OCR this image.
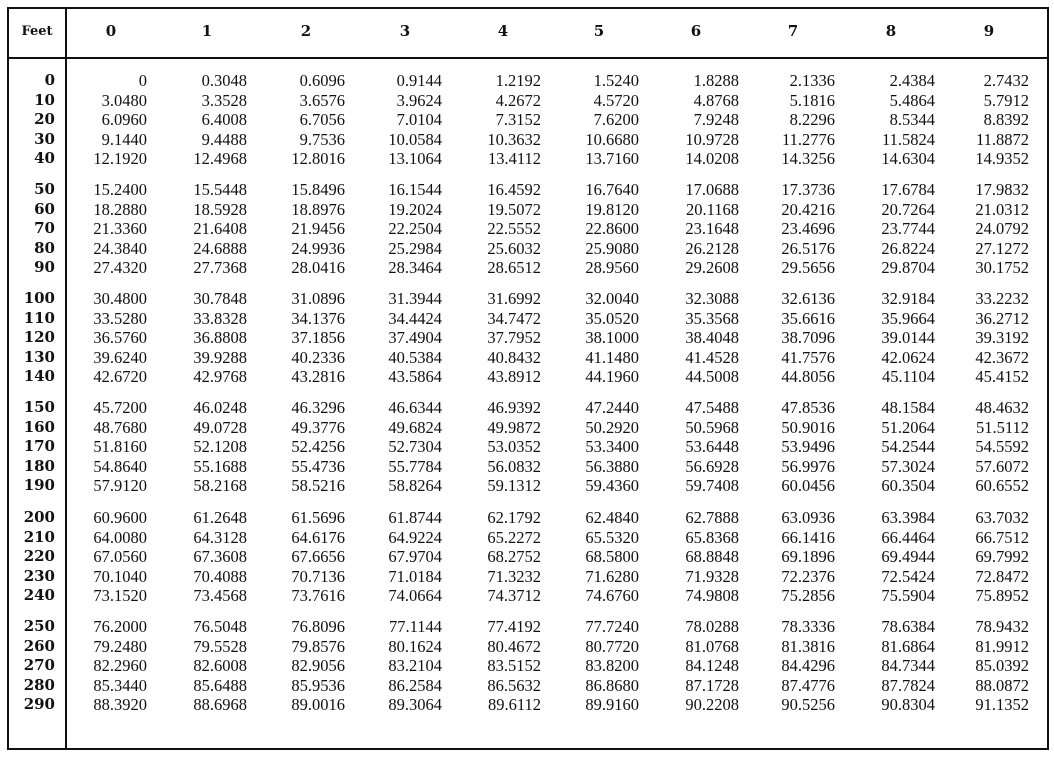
Feet	0	1	2	3	4	5	6	7	8	9
0	0	0.3048	0.6096	0.9144	1.2192	1.5240	1.8288	2.1336	2.4384	2.7432
10	3.0480	3.3528	3.6576	3.9624	4.2672	4.5720	4.8768	5.1816	5.4864	5.7912
20	6.0960	6.4008	6.7056	7.0104	7.3152	7.6200	7.9248	8.2296	8.5344	8.8392
30	9.1440	9.4488	9.7536	10.0584	10.3632	10.6680	10.9728	11.2776	11.5824	11.8872
40	12.1920	12.4968	12.8016	13.1064	13.4112	13.7160	14.0208	14.3256	14.6304	14.9352
50	15.2400	15.5448	15.8496	16.1544	16.4592	16.7640	17.0688	17.3736	17.6784	17.9832
60	18.2880	18.5928	18.8976	19.2024	19.5072	19.8120	20.1168	20.4216	20.7264	21.0312
70	21.3360	21.6408	21.9456	22.2504	22.5552	22.8600	23.1648	23.4696	23.7744	24.0792
80	24.3840	24.6888	24.9936	25.2984	25.6032	25.9080	26.2128	26.5176	26.8224	27.1272
90	27.4320	27.7368	28.0416	28.3464	28.6512	28.9560	29.2608	29.5656	29.8704	30.1752
100	30.4800	30.7848	31.0896	31.3944	31.6992	32.0040	32.3088	32.6136	32.9184	33.2232
110	33.5280	33.8328	34.1376	34.4424	34.7472	35.0520	35.3568	35.6616	35.9664	36.2712
120	36.5760	36.8808	37.1856	37.4904	37.7952	38.1000	38.4048	38.7096	39.0144	39.3192
130	39.6240	39.9288	40.2336	40.5384	40.8432	41.1480	41.4528	41.7576	42.0624	42.3672
140	42.6720	42.9768	43.2816	43.5864	43.8912	44.1960	44.5008	44.8056	45.1104	45.4152
150	45.7200	46.0248	46.3296	46.6344	46.9392	47.2440	47.5488	47.8536	48.1584	48.4632
160	48.7680	49.0728	49.3776	49.6824	49.9872	50.2920	50.5968	50.9016	51.2064	51.5112
170	51.8160	52.1208	52.4256	52.7304	53.0352	53.3400	53.6448	53.9496	54.2544	54.5592
180	54.8640	55.1688	55.4736	55.7784	56.0832	56.3880	56.6928	56.9976	57.3024	57.6072
190	57.9120	58.2168	58.5216	58.8264	59.1312	59.4360	59.7408	60.0456	60.3504	60.6552
200	60.9600	61.2648	61.5696	61.8744	62.1792	62.4840	62.7888	63.0936	63.3984	63.7032
210	64.0080	64.3128	64.6176	64.9224	65.2272	65.5320	65.8368	66.1416	66.4464	66.7512
220	67.0560	67.3608	67.6656	67.9704	68.2752	68.5800	68.8848	69.1896	69.4944	69.7992
230	70.1040	70.4088	70.7136	71.0184	71.3232	71.6280	71.9328	72.2376	72.5424	72.8472
240	73.1520	73.4568	73.7616	74.0664	74.3712	74.6760	74.9808	75.2856	75.5904	75.8952
250	76.2000	76.5048	76.8096	77.1144	77.4192	77.7240	78.0288	78.3336	78.6384	78.9432
260	79.2480	79.5528	79.8576	80.1624	80.4672	80.7720	81.0768	81.3816	81.6864	81.9912
270	82.2960	82.6008	82.9056	83.2104	83.5152	83.8200	84.1248	84.4296	84.7344	85.0392
280	85.3440	85.6488	85.9536	86.2584	86.5632	86.8680	87.1728	87.4776	87.7824	88.0872
290	88.3920	88.6968	89.0016	89.3064	89.6112	89.9160	90.2208	90.5256	90.8304	91.1352
